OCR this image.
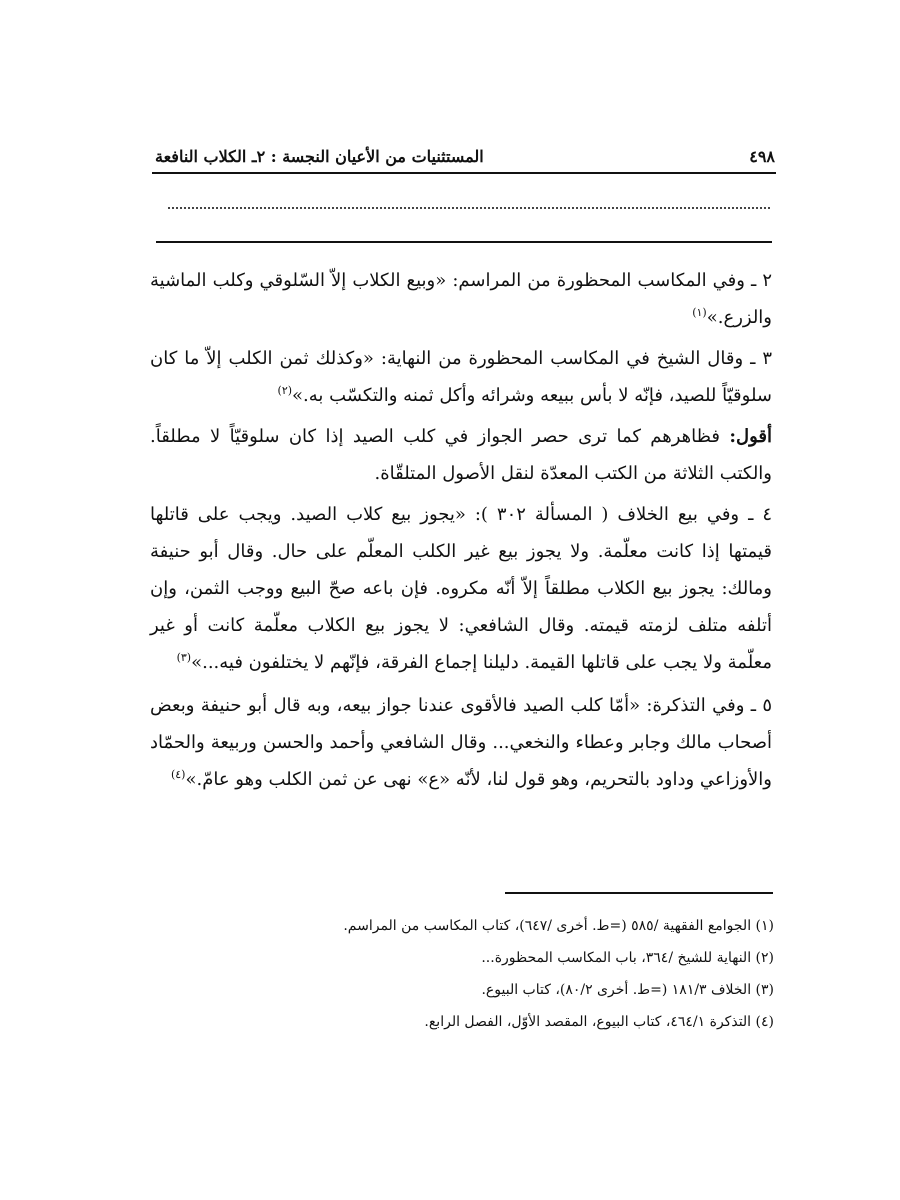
٤٩٨
المستثنيات من الأعيان النجسة : ٢ـ الكلاب النافعة

٢ ـ وفي المكاسب المحظورة من المراسم: «وبيع الكلاب إلاّ السّلوقي وكلب الماشية والزرع.»$^{(١)}$

٣ ـ وقال الشيخ في المكاسب المحظورة من النهاية: «وكذلك ثمن الكلب إلاّ ما كان سلوقيّاً للصيد، فإنّه لا بأس ببيعه وشرائه وأكل ثمنه والتكسّب به.»$^{(٢)}$

أقول: فظاهرهم كما ترى حصر الجواز في كلب الصيد إذا كان سلوقيّاً لا مطلقاً. والكتب الثلاثة من الكتب المعدّة لنقل الأصول المتلقّاة.

٤ ـ وفي بيع الخلاف ( المسألة ٣٠٢ ): «يجوز بيع كلاب الصيد. ويجب على قاتلها قيمتها إذا كانت معلّمة. ولا يجوز بيع غير الكلب المعلّم على حال. وقال أبو حنيفة ومالك: يجوز بيع الكلاب مطلقاً إلاّ أنّه مكروه. فإن باعه صحّ البيع ووجب الثمن، وإن أتلفه متلف لزمته قيمته. وقال الشافعي: لا يجوز بيع الكلاب معلّمة كانت أو غير معلّمة ولا يجب على قاتلها القيمة. دليلنا إجماع الفرقة، فإنّهم لا يختلفون فيه...»$^{(٣)}$

٥ ـ وفي التذكرة: «أمّا كلب الصيد فالأقوى عندنا جواز بيعه، وبه قال أبو حنيفة وبعض أصحاب مالك وجابر وعطاء والنخعي... وقال الشافعي وأحمد والحسن وربيعة والحمّاد والأوزاعي وداود بالتحريم، وهو قول لنا، لأنّه «ع» نهى عن ثمن الكلب وهو عامّ.»$^{(٤)}$

(١) الجوامع الفقهية /٥٨٥ (=ط. أخرى /٦٤٧)، كتاب المكاسب من المراسم.

(٢) النهاية للشيخ /٣٦٤، باب المكاسب المحظورة...

(٣) الخلاف ١٨١/٣ (=ط. أخرى ٨٠/٢)، كتاب البيوع.

(٤) التذكرة ٤٦٤/١، كتاب البيوع، المقصد الأوّل، الفصل الرابع.
